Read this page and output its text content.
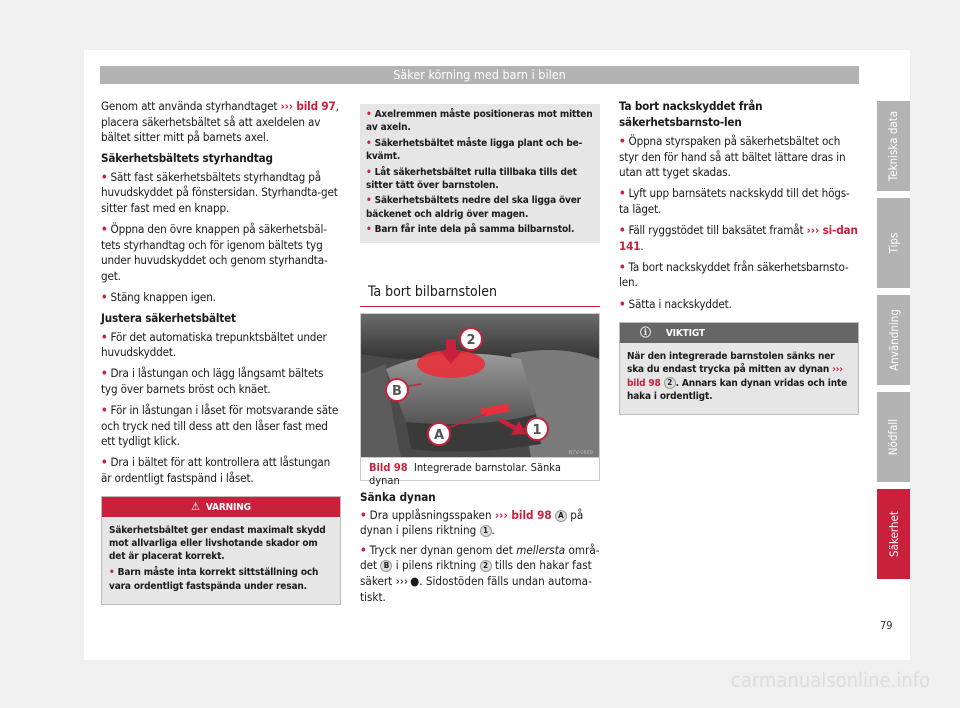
Säker körning med barn i bilen

Genom att använda styrhandtaget ››› bild 97, placera säkerhetsbältet så att axeldelen av bältet sitter mitt på barnets axel.

Säkerhetsbältets styrhandtag

• Sätt fast säkerhetsbältets styrhandtag på huvudskyddet på fönstersidan. Styrhandta-get sitter fast med en knapp.

• Öppna den övre knappen på säkerhetsbäl-tets styrhandtag och för igenom bältets tyg under huvudskyddet och genom styrhandta-get.

• Stäng knappen igen.

Justera säkerhetsbältet

• För det automatiska trepunktsbältet under huvudskyddet.

• Dra i låstungan och lägg långsamt bältets tyg över barnets bröst och knäet.

• För in låstungan i låset för motsvarande säte och tryck ned till dess att den låser fast med ett tydligt klick.

• Dra i bältet för att kontrollera att låstungan är ordentligt fastspänd i låset.

⚠ VARNING

Säkerhetsbältet ger endast maximalt skydd mot allvarliga eller livshotande skador om det är placerat korrekt.

• Barn måste inta korrekt sittställning och vara ordentligt fastspända under resan.

• Axelremmen måste positioneras mot mitten av axeln.

• Säkerhetsbältet måste ligga plant och be-kvämt.

• Låt säkerhetsbältet rulla tillbaka tills det sitter tätt över barnstolen.

• Säkerhetsbältets nedre del ska ligga över bäckenet och aldrig över magen.

• Barn får inte dela på samma bilbarnstol.

Ta bort bilbarnstolen
B
A
2
1
B7V-0669
Bild 98 Integrerade barnstolar. Sänka dynan
Sänka dynan

• Dra upplåsningsspaken ››› bild 98 A på dynan i pilens riktning 1 .

• Tryck ner dynan genom det mellersta områ-det B i pilens riktning 2 tills den hakar fast säkert ››› ●. Sidostöden fälls undan automa-tiskt.

Ta bort nackskyddet från säkerhetsbarnsto-len

• Öppna styrspaken på säkerhetsbältet och styr den för hand så att bältet lättare dras in utan att tyget skadas.

• Lyft upp barnsätets nackskydd till det högs-ta läget.

• Fäll ryggstödet till baksätet framåt ››› si-dan 141.

• Ta bort nackskyddet från säkerhetsbarnsto-len.

• Sätta i nackskyddet.

ⓘ VIKTIGT

När den integrerade barnstolen sänks ner ska du endast trycka på mitten av dynan ››› bild 98 2 . Annars kan dynan vridas och inte haka i ordentligt.

Tekniska data
Tips
Användning
Nödfall
Säkerhet
79
carmanualsonline.info
